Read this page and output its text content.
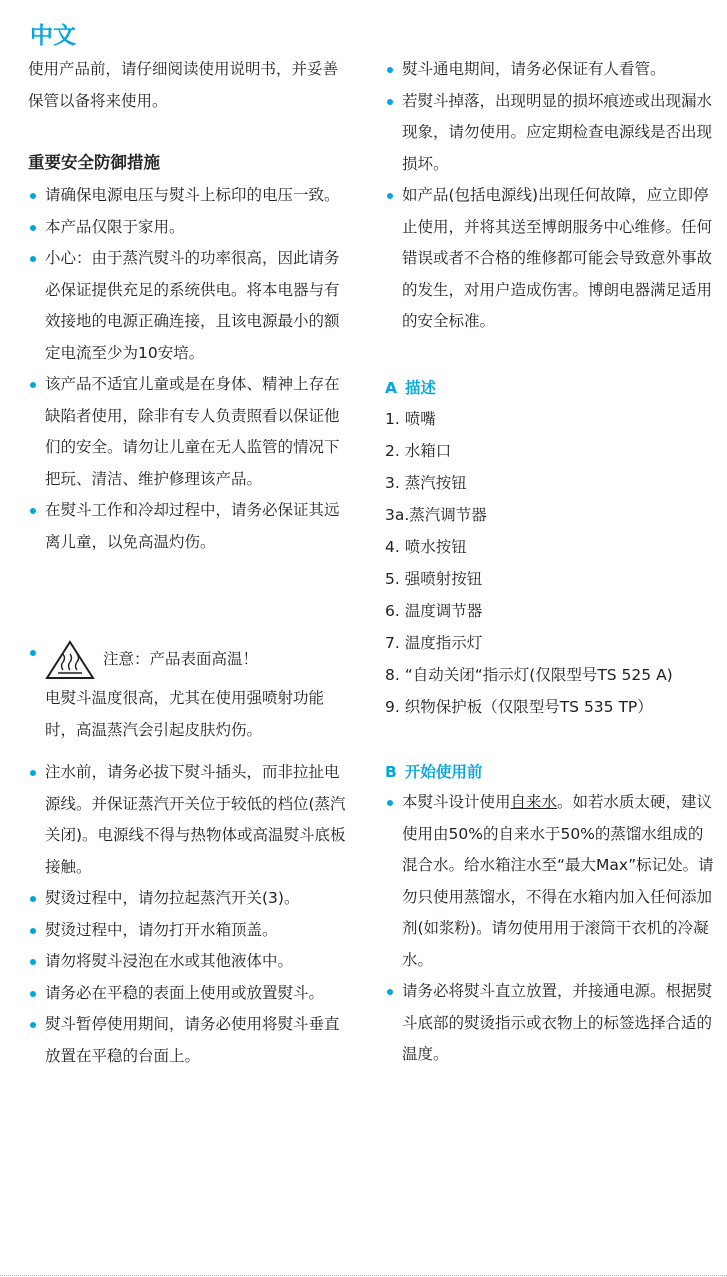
中文

使用产品前，请仔细阅读使用说明书，并妥善保管以备将来使用。

重要安全防御措施
请确保电源电压与熨斗上标印的电压一致。
本产品仅限于家用。
小心：由于蒸汽熨斗的功率很高，因此请务必保证提供充足的系统供电。将本电器与有效接地的电源正确连接，且该电源最小的额定电流至少为10安培。
该产品不适宜儿童或是在身体、精神上存在缺陷者使用，除非有专人负责照看以保证他们的安全。请勿让儿童在无人监管的情况下把玩、清洁、维护修理该产品。
在熨斗工作和冷却过程中，请务必保证其远离儿童，以免高温灼伤。
注意：产品表面高温！
电熨斗温度很高，尤其在使用强喷射功能时，高温蒸汽会引起皮肤灼伤。
注水前，请务必拔下熨斗插头，而非拉扯电源线。并保证蒸汽开关位于较低的档位(蒸汽关闭)。电源线不得与热物体或高温熨斗底板接触。
熨烫过程中，请勿拉起蒸汽开关(3)。
熨烫过程中，请勿打开水箱顶盖。
请勿将熨斗浸泡在水或其他液体中。
请务必在平稳的表面上使用或放置熨斗。
熨斗暂停使用期间，请务必使用将熨斗垂直放置在平稳的台面上。
熨斗通电期间，请务必保证有人看管。
若熨斗掉落，出现明显的损坏痕迹或出现漏水现象，请勿使用。应定期检查电源线是否出现损坏。
如产品(包括电源线)出现任何故障，应立即停止使用，并将其送至博朗服务中心维修。任何错误或者不合格的维修都可能会导致意外事故的发生，对用户造成伤害。博朗电器满足适用的安全标准。
A 描述
1. 喷嘴
2. 水箱口
3. 蒸汽按钮
3a.蒸汽调节器
4. 喷水按钮
5. 强喷射按钮
6. 温度调节器
7. 温度指示灯
8. “自动关闭“指示灯(仅限型号TS 525 A)
9. 织物保护板（仅限型号TS 535 TP）
B 开始使用前
本熨斗设计使用自来水。如若水质太硬，建议使用由50%的自来水于50%的蒸馏水组成的混合水。给水箱注水至“最大Max”标记处。请勿只使用蒸馏水，不得在水箱内加入任何添加剂(如浆粉)。请勿使用用于滚筒干衣机的冷凝水。
请务必将熨斗直立放置，并接通电源。根据熨斗底部的熨烫指示或衣物上的标签选择合适的温度。
